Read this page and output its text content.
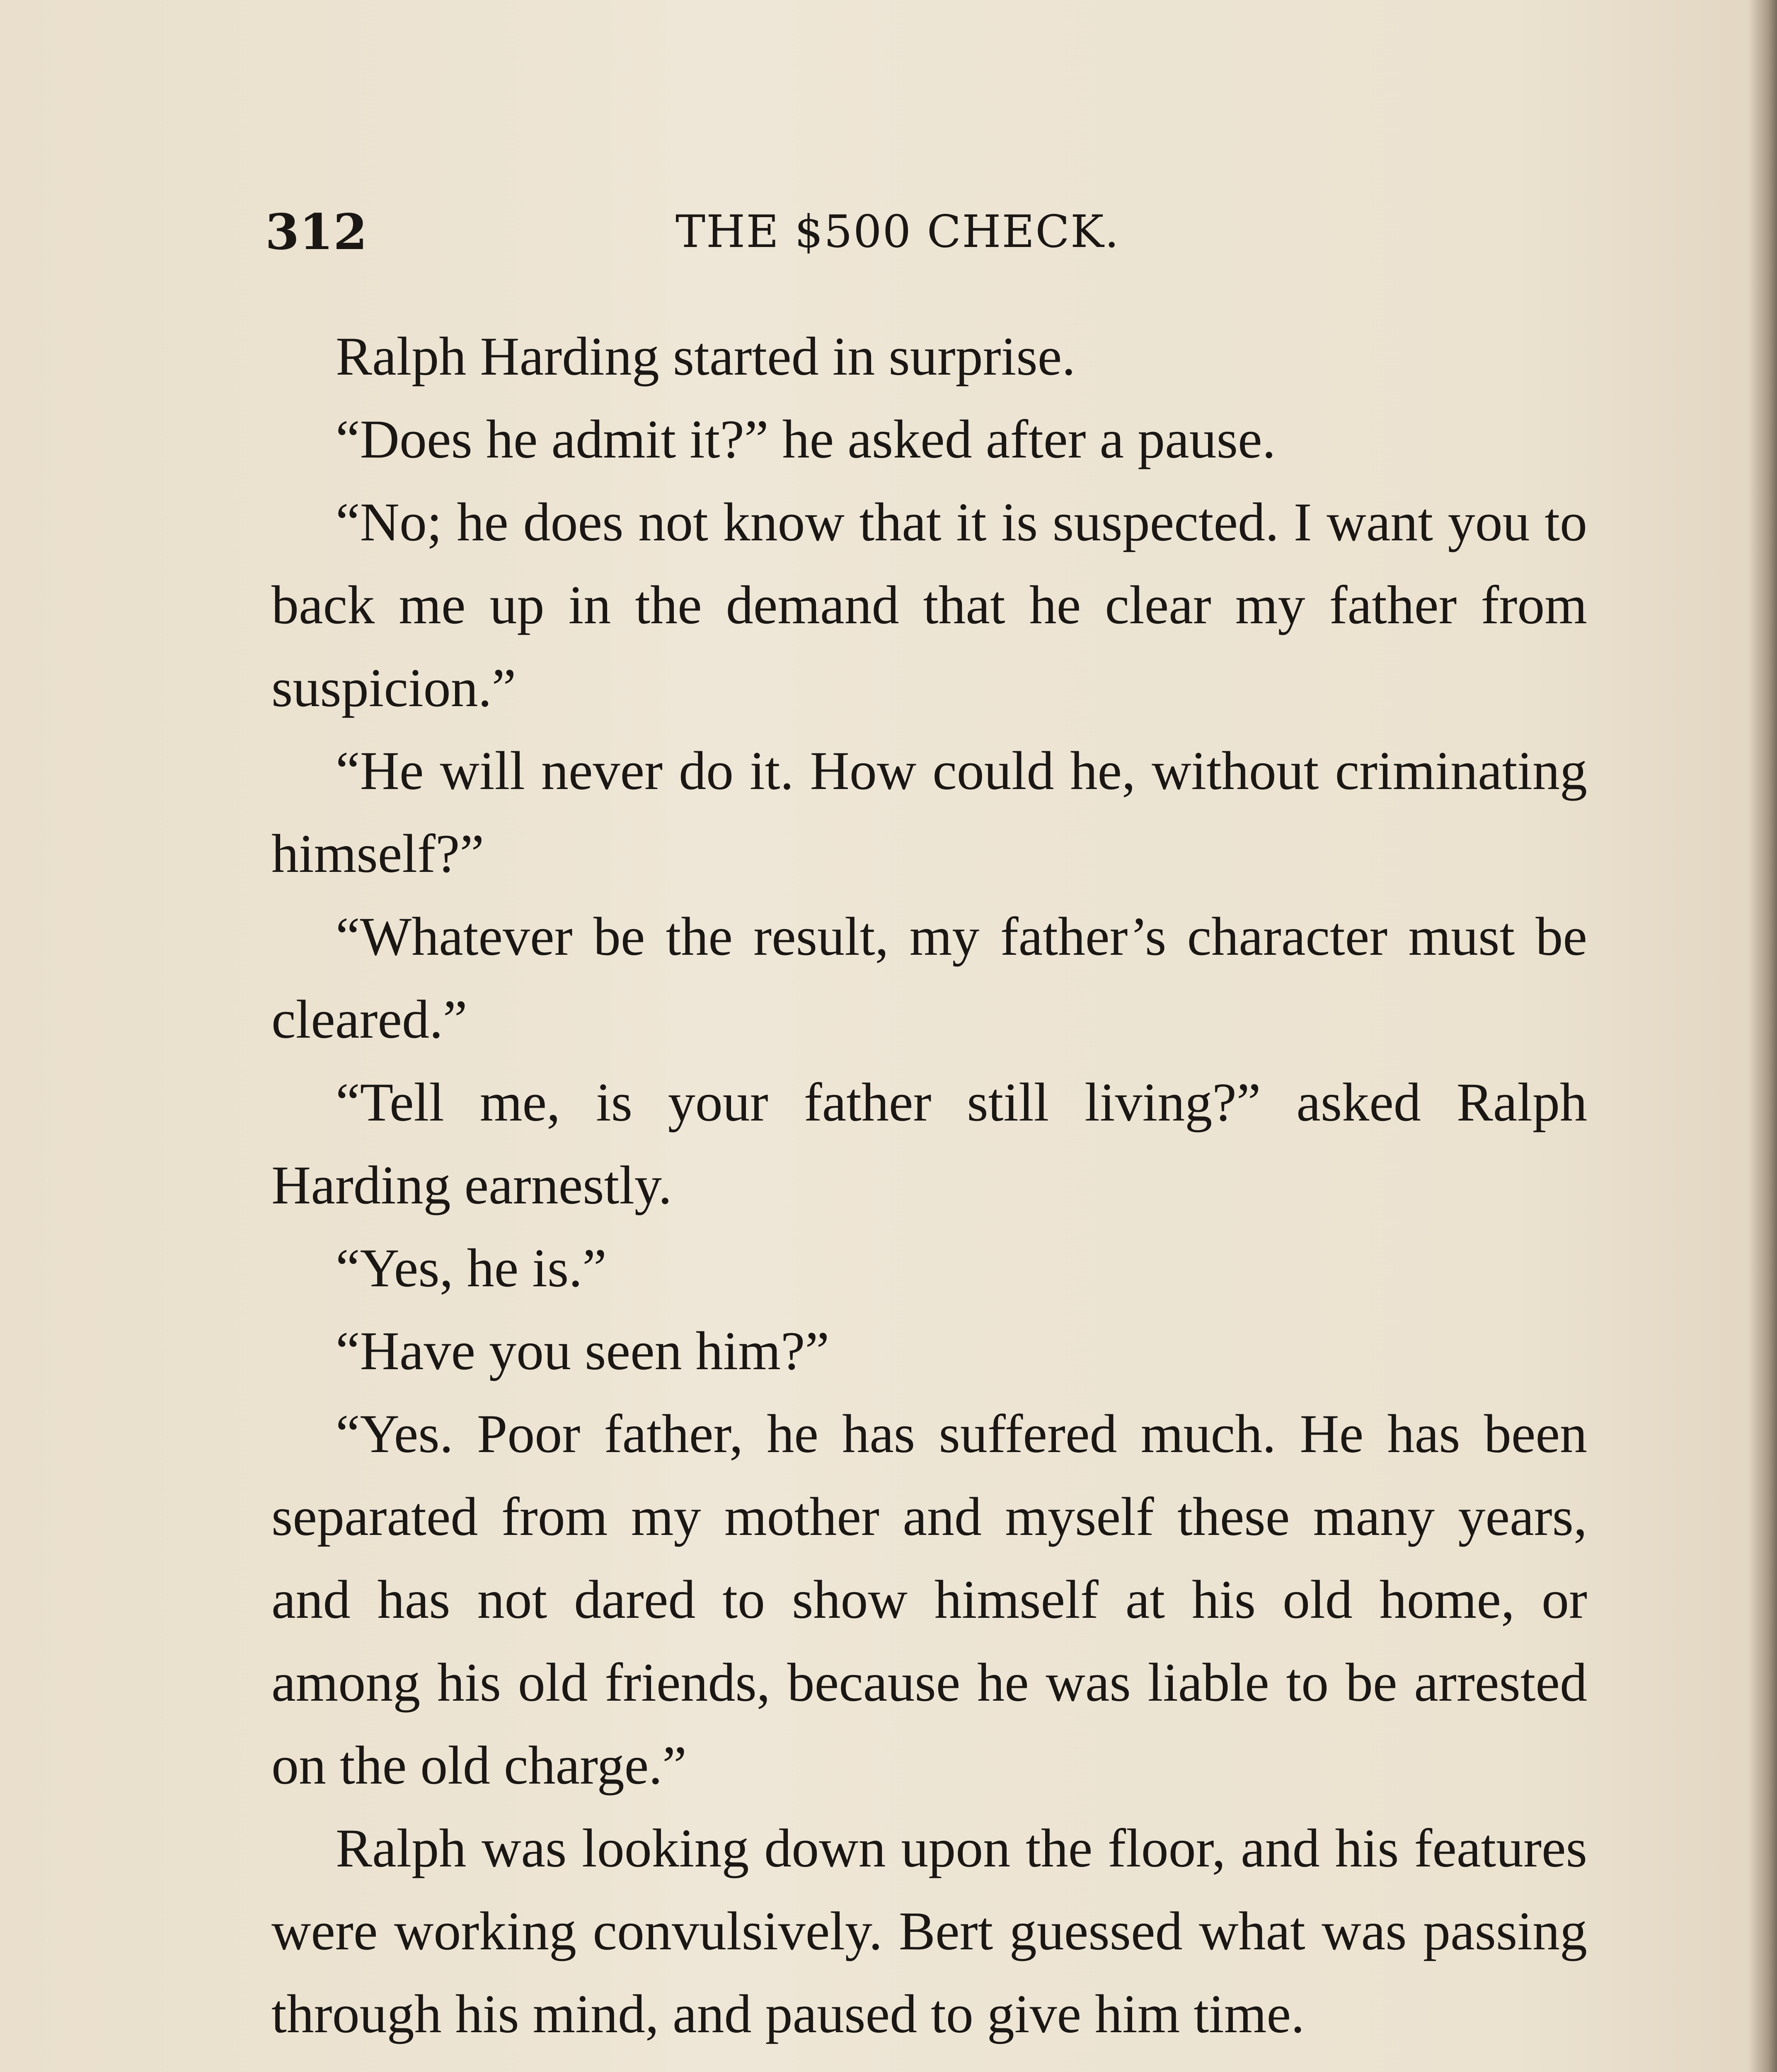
312	THE $500 CHECK.

Ralph Harding started in surprise.

“Does he admit it?” he asked after a pause.

“No; he does not know that it is suspected. I want you to back me up in the demand that he clear my father from suspicion.”

“He will never do it. How could he, without criminating himself?”

“Whatever be the result, my father’s character must be cleared.”

“Tell me, is your father still living?” asked Ralph Harding earnestly.

“Yes, he is.”

“Have you seen him?”

“Yes. Poor father, he has suffered much. He has been separated from my mother and myself these many years, and has not dared to show himself at his old home, or among his old friends, because he was liable to be arrested on the old charge.”

Ralph was looking down upon the floor, and his features were working convulsively. Bert guessed what was passing through his mind, and paused to give him time.
